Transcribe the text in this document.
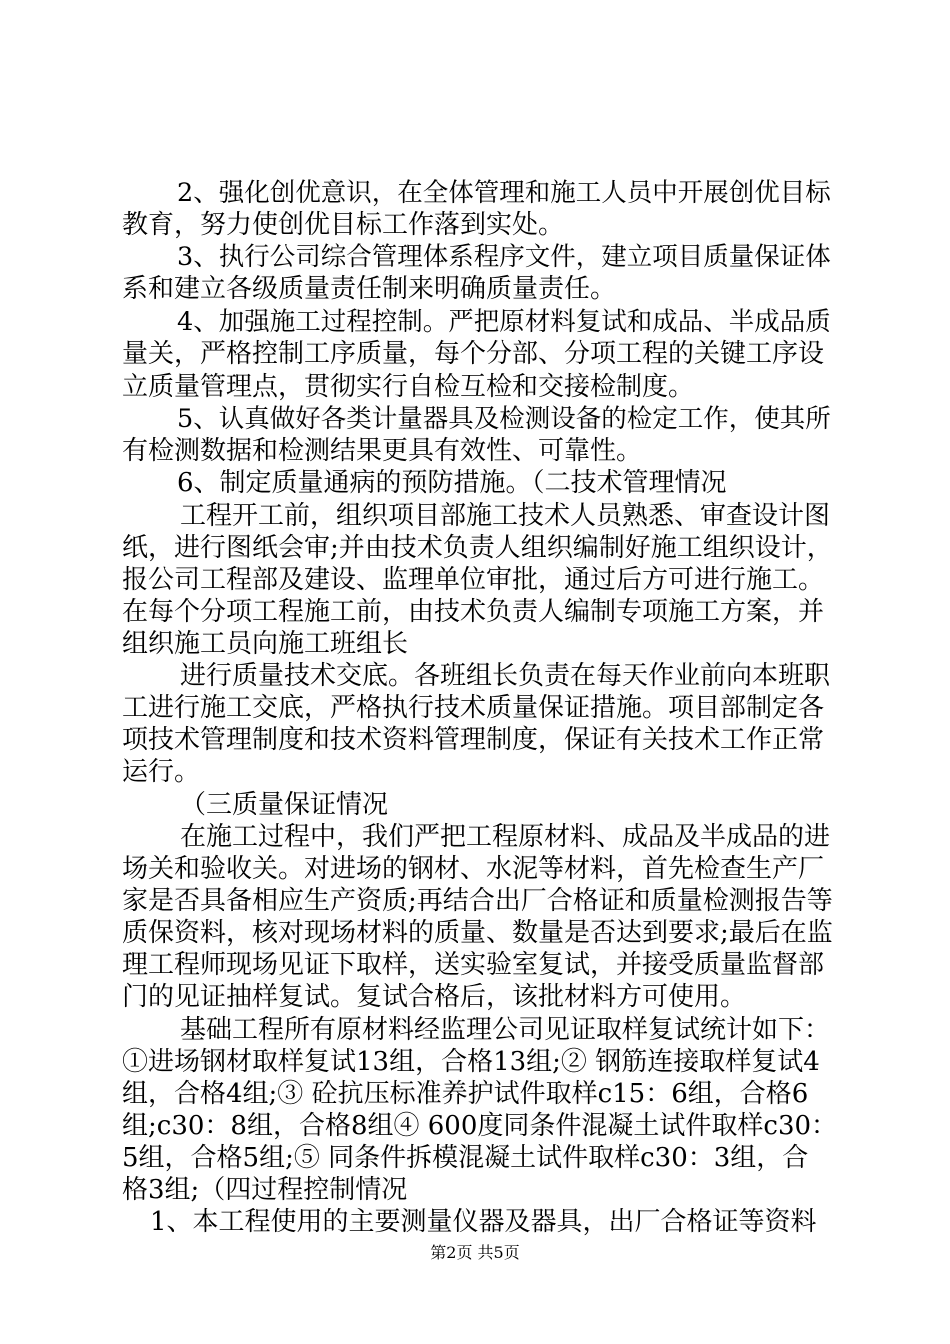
2、强化创优意识，在全体管理和施工人员中开展创优目标
教育，努力使创优目标工作落到实处。
3、执行公司综合管理体系程序文件，建立项目质量保证体
系和建立各级质量责任制来明确质量责任。
4、加强施工过程控制。严把原材料复试和成品、半成品质
量关，严格控制工序质量，每个分部、分项工程的关键工序设
立质量管理点，贯彻实行自检互检和交接检制度。
5、认真做好各类计量器具及检测设备的检定工作，使其所
有检测数据和检测结果更具有效性、可靠性。
6、制定质量通病的预防措施。（二技术管理情况
工程开工前，组织项目部施工技术人员熟悉、审查设计图
纸，进行图纸会审;并由技术负责人组织编制好施工组织设计，
报公司工程部及建设、监理单位审批，通过后方可进行施工。
在每个分项工程施工前，由技术负责人编制专项施工方案，并
组织施工员向施工班组长
进行质量技术交底。各班组长负责在每天作业前向本班职
工进行施工交底，严格执行技术质量保证措施。项目部制定各
项技术管理制度和技术资料管理制度，保证有关技术工作正常
运行。
（三质量保证情况
在施工过程中，我们严把工程原材料、成品及半成品的进
场关和验收关。对进场的钢材、水泥等材料，首先检查生产厂
家是否具备相应生产资质;再结合出厂合格证和质量检测报告等
质保资料，核对现场材料的质量、数量是否达到要求;最后在监
理工程师现场见证下取样，送实验室复试，并接受质量监督部
门的见证抽样复试。复试合格后，该批材料方可使用。
基础工程所有原材料经监理公司见证取样复试统计如下：
①进场钢材取样复试13组，合格13组;② 钢筋连接取样复试4
组，合格4组;③ 砼抗压标准养护试件取样c15：6组，合格6
组;c30：8组，合格8组④ 600度同条件混凝土试件取样c30：
5组，合格5组;⑤ 同条件拆模混凝土试件取样c30：3组，合
格3组;（四过程控制情况
1、本工程使用的主要测量仪器及器具，出厂合格证等资料
第2页 共5页
